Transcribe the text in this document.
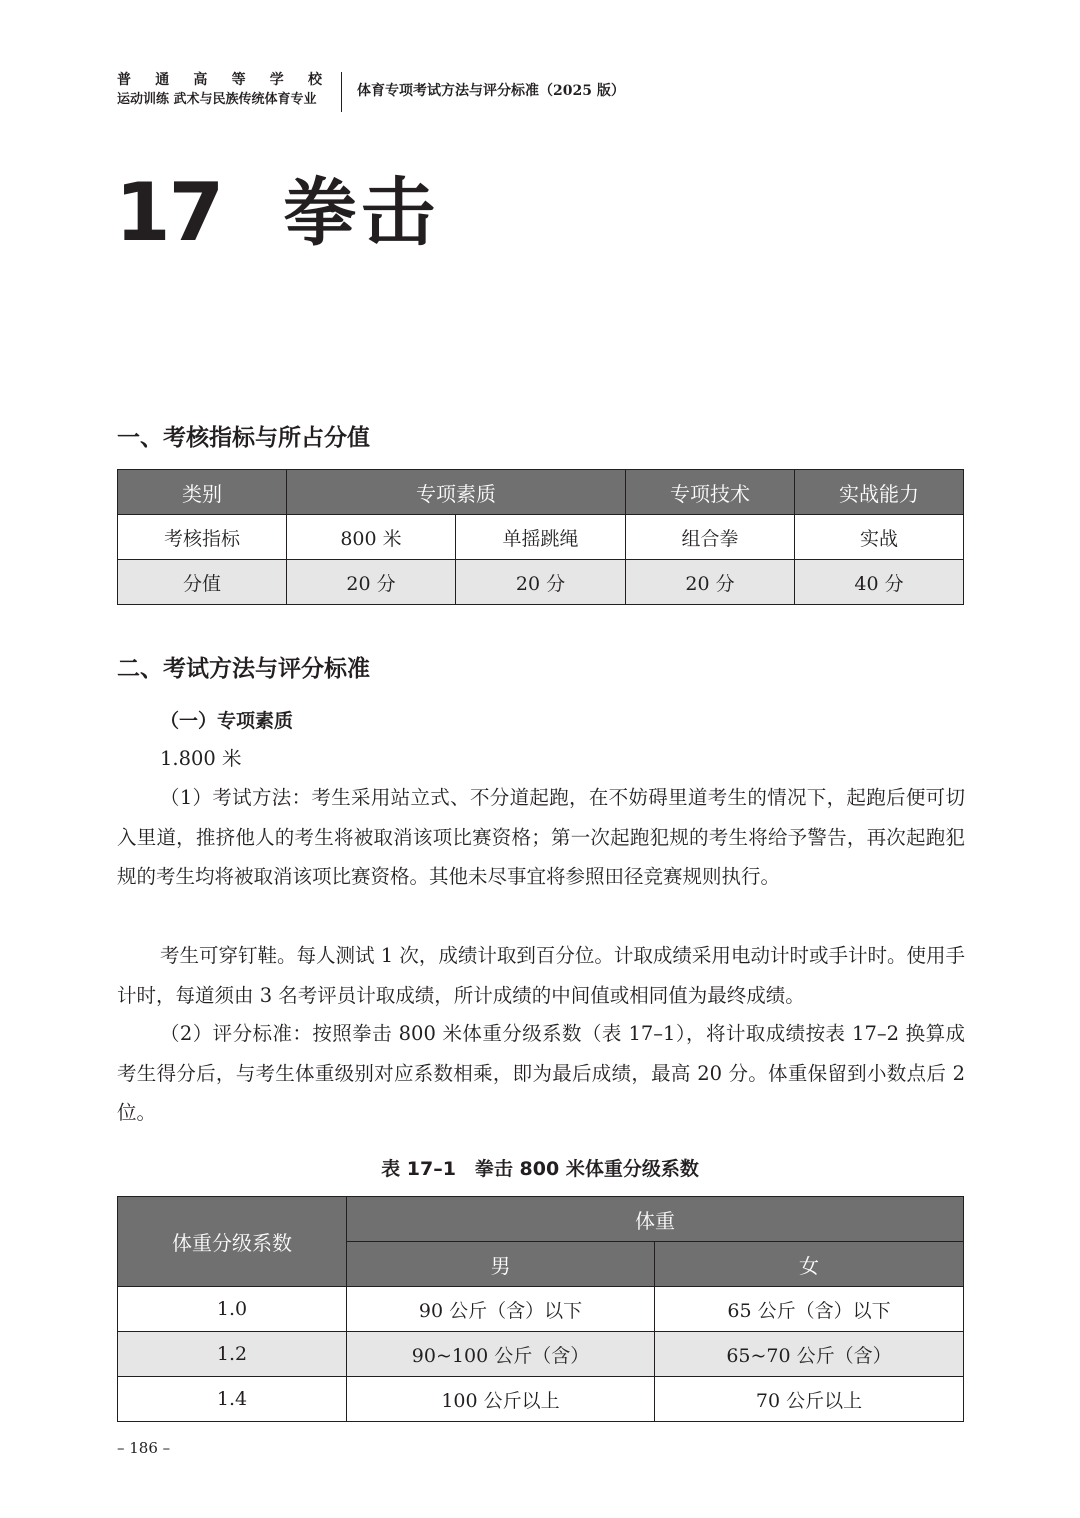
普 通 高 等 学 校
运动训练 武术与民族传统体育专业
体育专项考试方法与评分标准（2025 版）
17 拳击
一、考核指标与所占分值
类别	专项素质		专项技术	实战能力
考核指标	800 米	单摇跳绳	组合拳	实战
分值	20 分	20 分	20 分	40 分
二、考试方法与评分标准
（一）专项素质
1.800 米

（1）考试方法：考生采用站立式、不分道起跑，在不妨碍里道考生的情况下，起跑后便可切入里道，推挤他人的考生将被取消该项比赛资格；第一次起跑犯规的考生将给予警告，再次起跑犯规的考生均将被取消该项比赛资格。其他未尽事宜将参照田径竞赛规则执行。

考生可穿钉鞋。每人测试 1 次，成绩计取到百分位。计取成绩采用电动计时或手计时。使用手计时，每道须由 3 名考评员计取成绩，所计成绩的中间值或相同值为最终成绩。

（2）评分标准：按照拳击 800 米体重分级系数（表 17–1），将计取成绩按表 17–2 换算成考生得分后，与考生体重级别对应系数相乘，即为最后成绩，最高 20 分。体重保留到小数点后 2 位。

表 17–1　拳击 800 米体重分级系数
体重分级系数	体重	
	男	女
1.0	90 公斤（含）以下	65 公斤（含）以下
1.2	90~100 公斤（含）	65~70 公斤（含）
1.4	100 公斤以上	70 公斤以上
– 186 –
